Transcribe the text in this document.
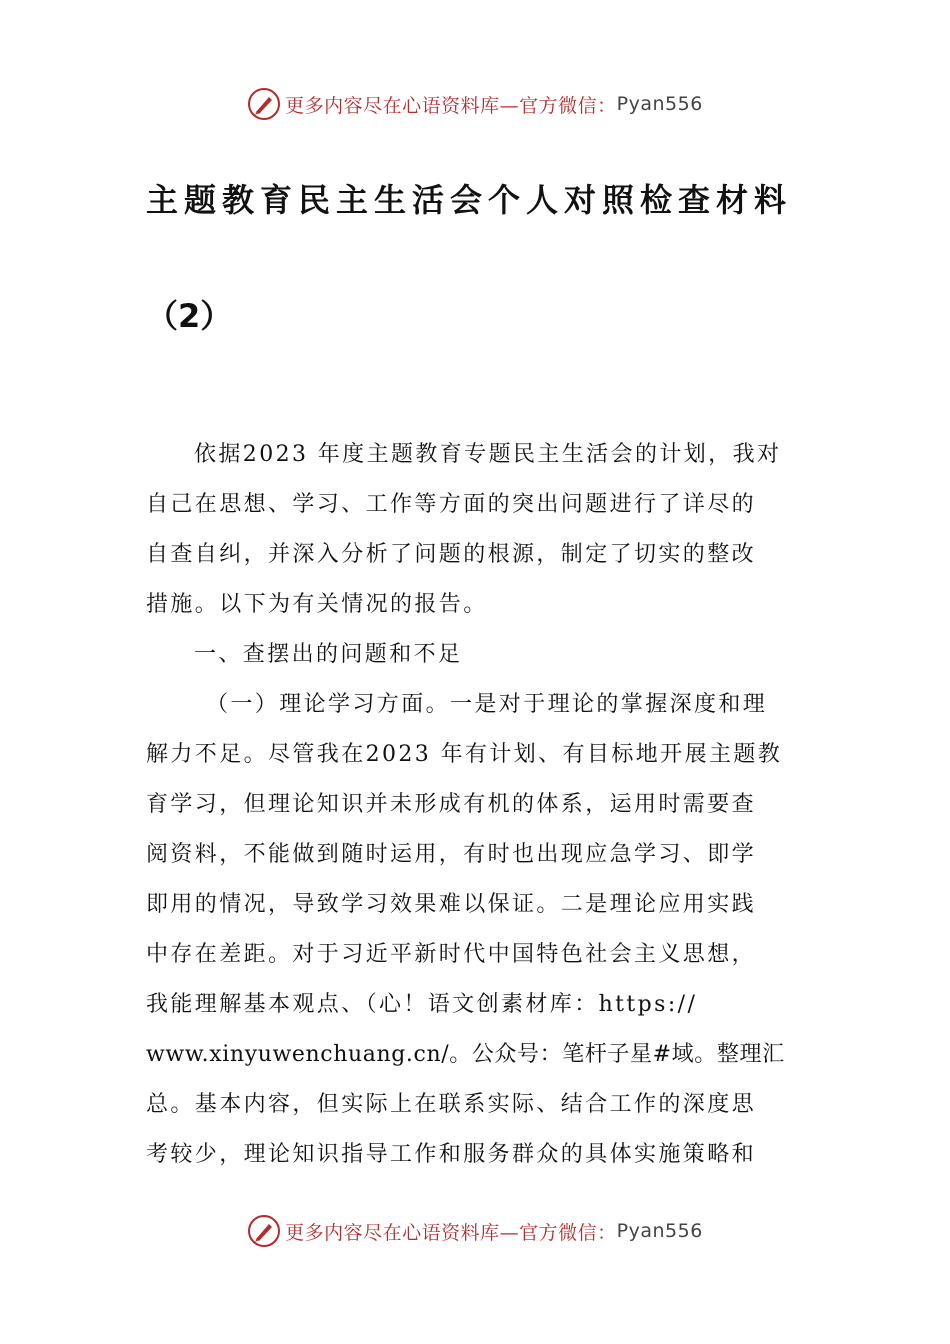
更多内容尽在心语资料库—官方微信： Pyan556
主题教育民主生活会个人对照检查材料
（2）
依据2023 年度主题教育专题民主生活会的计划，我对
自己在思想、学习、工作等方面的突出问题进行了详尽的
自查自纠，并深入分析了问题的根源，制定了切实的整改
措施。以下为有关情况的报告。
一、查摆出的问题和不足
（一）理论学习方面。一是对于理论的掌握深度和理
解力不足。尽管我在2023 年有计划、有目标地开展主题教
育学习，但理论知识并未形成有机的体系，运用时需要查
阅资料，不能做到随时运用，有时也出现应急学习、即学
即用的情况，导致学习效果难以保证。二是理论应用实践
中存在差距。对于习近平新时代中国特色社会主义思想，
我能理解基本观点、（心！语文创素材库：https://
www.xinyuwenchuang.cn/。公众号：笔杆子星#域。整理汇
总。基本内容，但实际上在联系实际、结合工作的深度思
考较少，理论知识指导工作和服务群众的具体实施策略和
更多内容尽在心语资料库—官方微信： Pyan556
